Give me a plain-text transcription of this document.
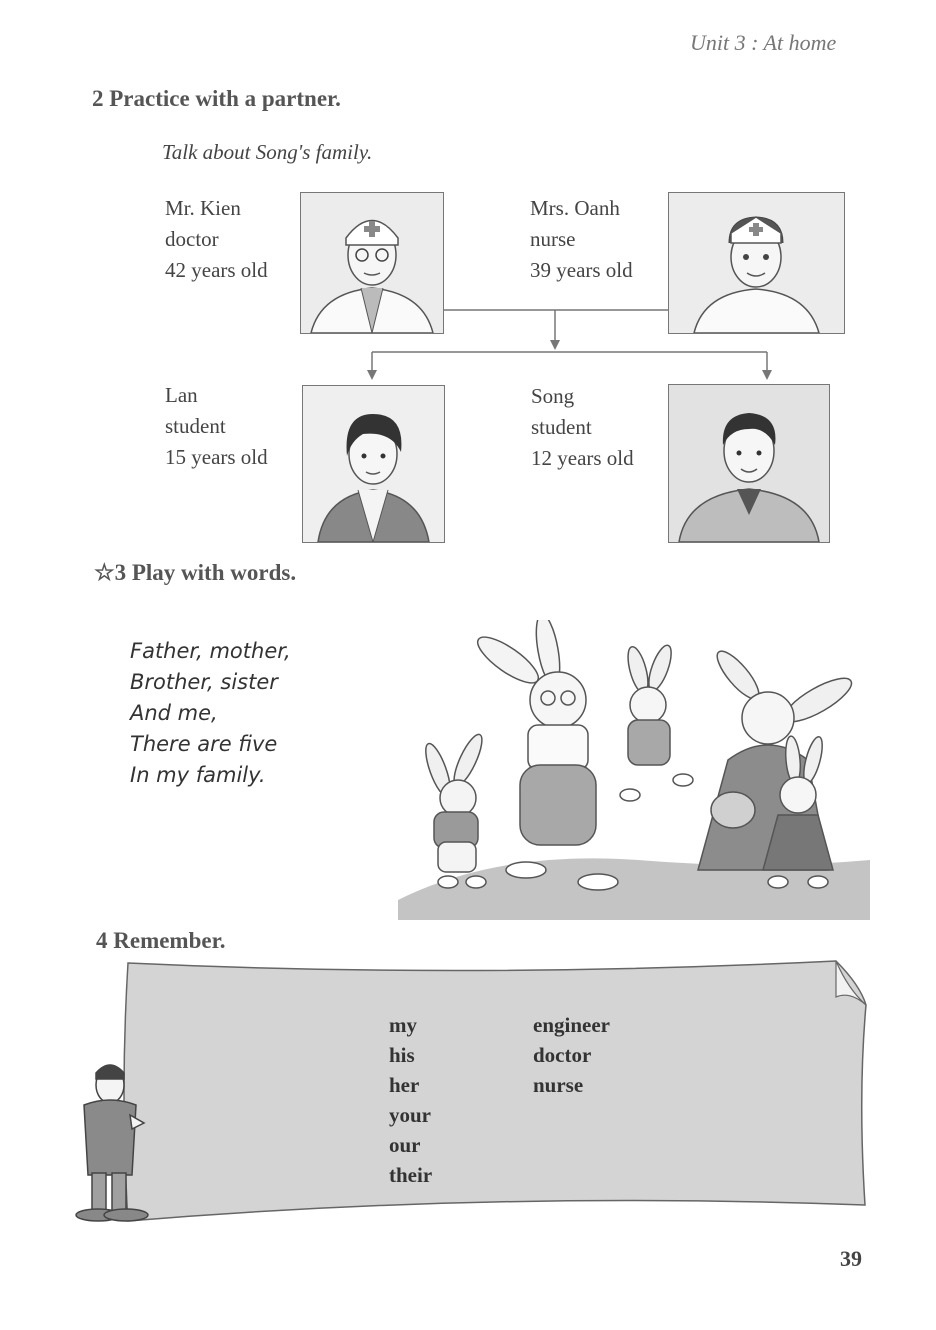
Unit 3 : At home
2 Practice with a partner.
Talk about Song's family.
Mr. Kien
doctor
42 years old
Mrs. Oanh
nurse
39 years old
Lan
student
15 years old
Song
student
12 years old
☆3 Play with words.
Father, mother,
Brother, sister
And me,
There are five
In my family.
4 Remember.
my
his
her
your
our
their
engineer
doctor
nurse
39
